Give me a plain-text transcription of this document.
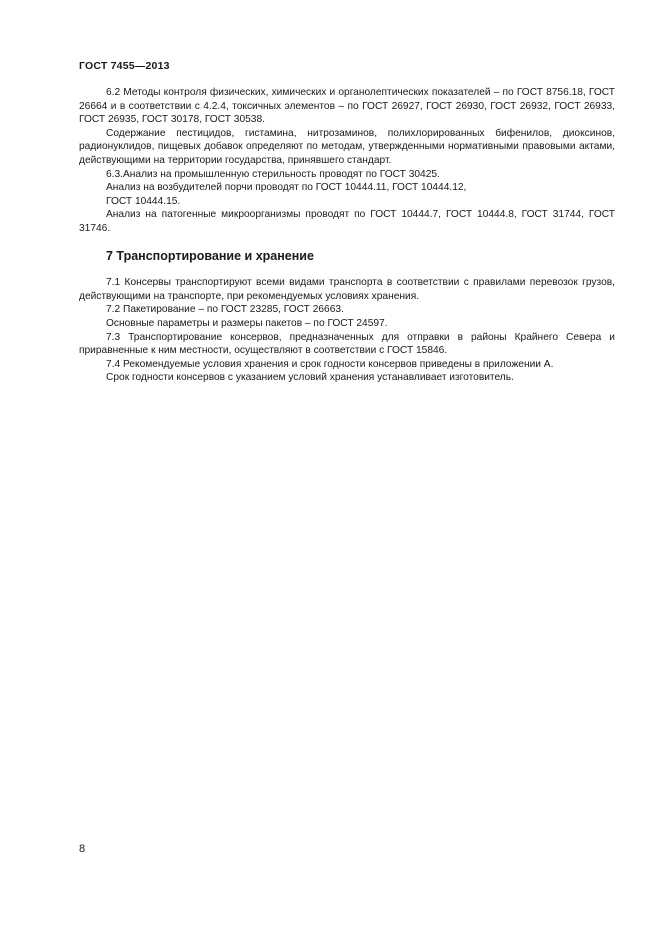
ГОСТ 7455—2013

6.2 Методы контроля физических, химических и органолептических показателей – по ГОСТ 8756.18, ГОСТ 26664 и в соответствии с 4.2.4, токсичных элементов – по ГОСТ 26927, ГОСТ 26930, ГОСТ 26932, ГОСТ 26933, ГОСТ 26935, ГОСТ 30178, ГОСТ 30538.

Содержание пестицидов, гистамина, нитрозаминов, полихлорированных бифенилов, диоксинов, радионуклидов, пищевых добавок определяют по методам, утвержденными нормативными правовыми актами, действующими на территории государства, принявшего стандарт.

6.3.Анализ на промышленную стерильность проводят по ГОСТ 30425.

Анализ на возбудителей порчи проводят по ГОСТ 10444.11, ГОСТ 10444.12,

ГОСТ 10444.15.

Анализ на патогенные микроорганизмы проводят по ГОСТ 10444.7, ГОСТ 10444.8, ГОСТ 31744, ГОСТ 31746.

7 Транспортирование и хранение

7.1 Консервы транспортируют всеми видами транспорта в соответствии с правилами перевозок грузов, действующими на транспорте, при рекомендуемых условиях хранения.

7.2 Пакетирование – по ГОСТ 23285, ГОСТ 26663.

Основные параметры и размеры пакетов – по ГОСТ 24597.

7.3 Транспортирование консервов, предназначенных для отправки в районы Крайнего Севера и приравненные к ним местности, осуществляют в соответствии с ГОСТ 15846.

7.4 Рекомендуемые условия хранения и срок годности консервов приведены в приложении А.

Срок годности консервов с указанием условий хранения устанавливает изготовитель.

8
